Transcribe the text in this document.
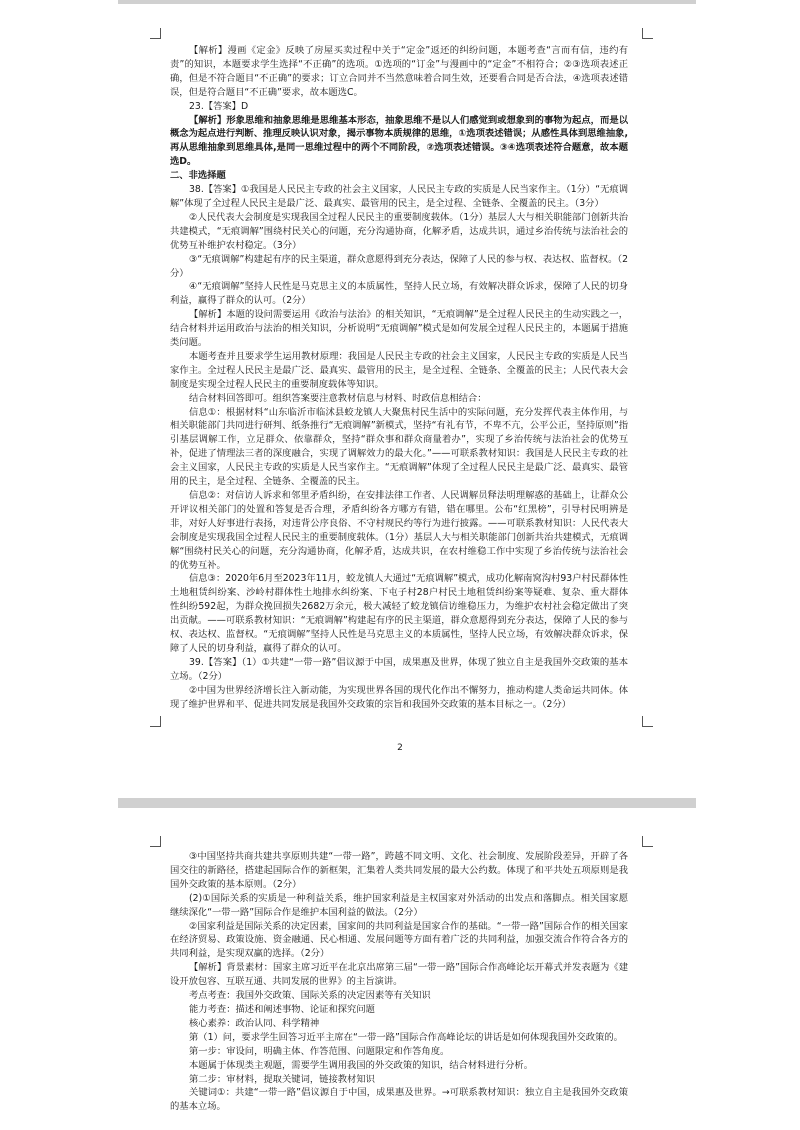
【解析】漫画《定金》反映了房屋买卖过程中关于“定金”返还的纠纷问题，本题考查“言而有信，违约有责”的知识，本题要求学生选择“不正确”的选项。①选项的“订金”与漫画中的“定金”不相符合；②③选项表述正确，但是不符合题目“不正确”的要求；订立合同并不当然意味着合同生效，还要看合同是否合法，④选项表述错误，但是符合题目“不正确”要求，故本题选C。

23.【答案】D

【解析】形象思维和抽象思维是思维基本形态，抽象思维不是以人们感觉到或想象到的事物为起点，而是以概念为起点进行判断、推理反映认识对象，揭示事物本质规律的思维，①选项表述错误；从感性具体到思维抽象,再从思维抽象到思维具体,是同一思维过程中的两个不同阶段，②选项表述错误。③④选项表述符合题意，故本题选D。

二、非选择题

38.【答案】①我国是人民民主专政的社会主义国家，人民民主专政的实质是人民当家作主。（1分）“无痕调解”体现了全过程人民民主是最广泛、最真实、最管用的民主，是全过程、全链条、全覆盖的民主。（3分）

②人民代表大会制度是实现我国全过程人民民主的重要制度载体。（1分）基层人大与相关职能部门创新共治共建模式，“无痕调解”围绕村民关心的问题，充分沟通协商，化解矛盾，达成共识，通过乡治传统与法治社会的优势互补维护农村稳定。（3分）

③“无痕调解”构建起有序的民主渠道，群众意愿得到充分表达，保障了人民的参与权、表达权、监督权。（2分）

④“无痕调解”坚持人民性是马克思主义的本质属性，坚持人民立场，有效解决群众诉求，保障了人民的切身利益，赢得了群众的认可。（2分）

【解析】本题的设问需要运用《政治与法治》的相关知识，“无痕调解”是全过程人民民主的生动实践之一，结合材料并运用政治与法治的相关知识，分析说明“无痕调解”模式是如何发展全过程人民民主的，本题属于措施类问题。

本题考查并且要求学生运用教材原理：我国是人民民主专政的社会主义国家，人民民主专政的实质是人民当家作主。全过程人民民主是最广泛、最真实、最管用的民主，是全过程、全链条、全覆盖的民主；人民代表大会制度是实现全过程人民民主的重要制度载体等知识。

结合材料回答即可。组织答案要注意教材信息与材料、时政信息相结合：

信息①：根据材料“山东临沂市临沭县蛟龙镇人大聚焦村民生活中的实际问题，充分发挥代表主体作用，与相关职能部门共同进行研判、纸条推行“无痕调解”新模式，坚持“有礼有节，不卑不亢，公平公正，坚持原则”指引基层调解工作，立足群众、依靠群众，坚持“群众事和群众商量着办”，实现了乡治传统与法治社会的优势互补，促进了情理法三者的深度融合，实现了调解效力的最大化。”——可联系教材知识：我国是人民民主专政的社会主义国家，人民民主专政的实质是人民当家作主。“无痕调解”体现了全过程人民民主是最广泛、最真实、最管用的民主，是全过程、全链条、全覆盖的民主。

信息②：对信访人诉求和邻里矛盾纠纷，在安排法律工作者、人民调解员释法明理解惑的基础上，让群众公开评议相关部门的处置和答复是否合理，矛盾纠纷各方哪方有错，错在哪里。公布“红黑榜”，引导村民明辨是非，对好人好事进行表扬，对违背公序良俗、不守村规民约等行为进行披露。——可联系教材知识：人民代表大会制度是实现我国全过程人民民主的重要制度载体。（1分）基层人大与相关职能部门创新共治共建模式，无痕调解“围绕村民关心的问题，充分沟通协商，化解矛盾，达成共识，在农村维稳工作中实现了乡治传统与法治社会的优势互补。

信息③：2020年6月至2023年11月，蛟龙镇人大通过“无痕调解”模式，成功化解南窝沟村93户村民群体性土地租赁纠纷案、沙岭村群体性土地排水纠纷案、下屯子村28户村民土地租赁纠纷案等疑难、复杂、重大群体性纠纷592起，为群众挽回损失2682万余元，极大减轻了蛟龙镇信访维稳压力，为维护农村社会稳定做出了突出贡献。——可联系教材知识：“无痕调解”构建起有序的民主渠道，群众意愿得到充分表达，保障了人民的参与权、表达权、监督权。“无痕调解”坚持人民性是马克思主义的本质属性，坚持人民立场，有效解决群众诉求，保障了人民的切身利益，赢得了群众的认可。

39.【答案】（1）①共建“一带一路”倡议源于中国，成果惠及世界，体现了独立自主是我国外交政策的基本立场。（2分）

②中国为世界经济增长注入新动能，为实现世界各国的现代化作出不懈努力，推动构建人类命运共同体。体现了维护世界和平、促进共同发展是我国外交政策的宗旨和我国外交政策的基本目标之一。（2分）

2

③中国坚持共商共建共享原则共建“一带一路”，跨越不同文明、文化、社会制度、发展阶段差异，开辟了各国交往的新路径，搭建起国际合作的新框架，汇集着人类共同发展的最大公约数。体现了和平共处五项原则是我国外交政策的基本原则。（2分）

(2)①国际关系的实质是一种利益关系，维护国家利益是主权国家对外活动的出发点和落脚点。相关国家愿继续深化“一带一路”国际合作是维护本国利益的做法。（2分）

②国家利益是国际关系的决定因素，国家间的共同利益是国家合作的基础。“一带一路”国际合作的相关国家在经济贸易、政策设施、资金融通、民心相通、发展问题等方面有着广泛的共同利益，加强交流合作符合各方的共同利益，是实现双赢的选择。（2分）

【解析】背景素材：国家主席习近平在北京出席第三届“一带一路”国际合作高峰论坛开幕式并发表题为《建设开放包容、互联互通、共同发展的世界》的主旨演讲。

考点考查：我国外交政策、国际关系的决定因素等有关知识

能力考查：描述和阐述事物、论证和探究问题

核心素养：政治认同、科学精神

第（1）问，要求学生回答习近平主席在“一带一路”国际合作高峰论坛的讲话是如何体现我国外交政策的。

第一步：审设问，明确主体、作答范围、问题限定和作答角度。

本题属于体现类主观题，需要学生调用我国的外交政策的知识，结合材料进行分析。

第二步：审材料，提取关键词，链接教材知识

关键词①：共建“一带一路”倡议源自于中国，成果惠及世界。→可联系教材知识：独立自主是我国外交政策的基本立场。
